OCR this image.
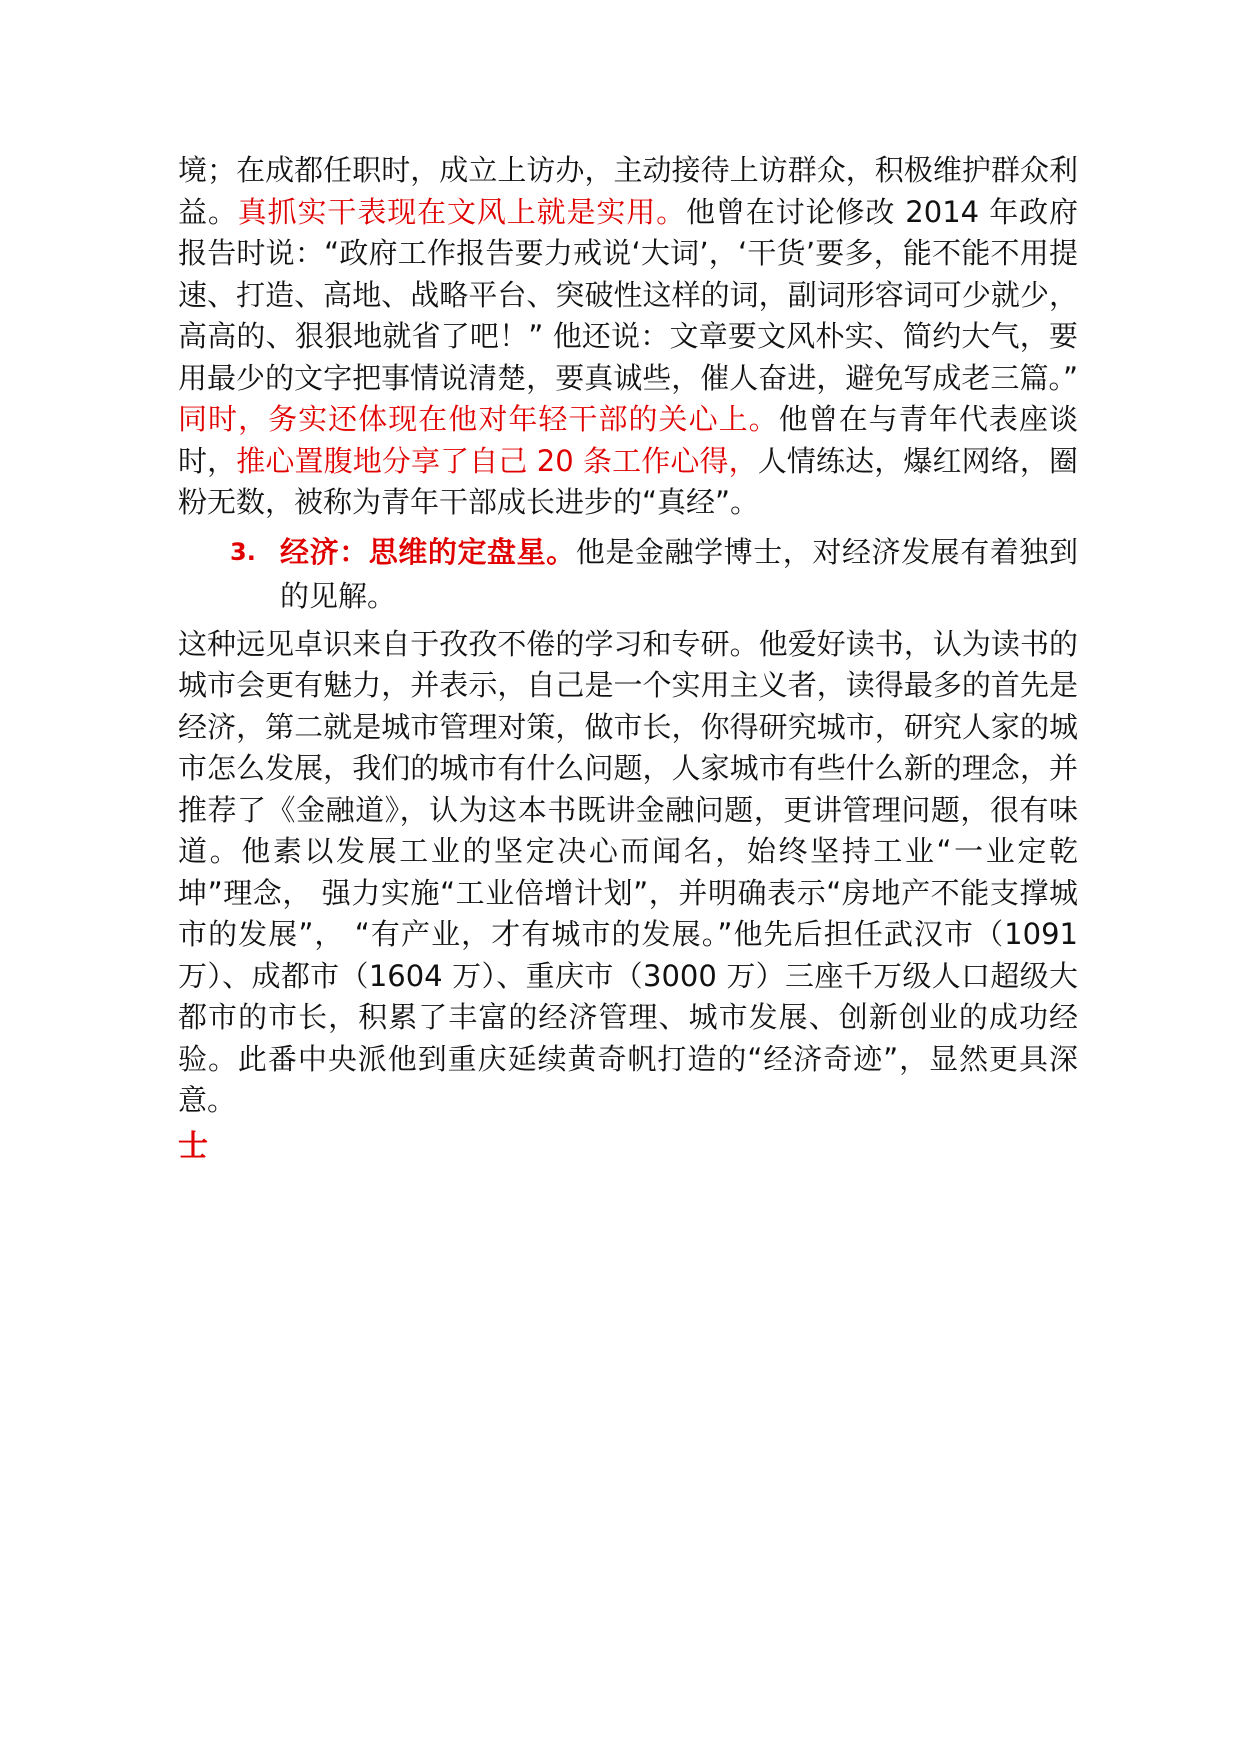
境；在成都任职时，成立上访办，主动接待上访群众，积极维护群众利益。真抓实干表现在文风上就是实用。他曾在讨论修改 2014 年政府报告时说：“政府工作报告要力戒说‘大词’，‘干货’要多，能不能不用提速、打造、高地、战略平台、突破性这样的词，副词形容词可少就少，高高的、狠狠地就省了吧！” 他还说：文章要文风朴实、简约大气，要用最少的文字把事情说清楚，要真诚些，催人奋进，避免写成老三篇。” 同时，务实还体现在他对年轻干部的关心上。他曾在与青年代表座谈时，推心置腹地分享了自己 20 条工作心得，人情练达，爆红网络，圈粉无数，被称为青年干部成长进步的“真经”。

3. 经济：思维的定盘星。他是金融学博士，对经济发展有着独到的见解。

这种远见卓识来自于孜孜不倦的学习和专研。他爱好读书，认为读书的城市会更有魅力，并表示，自己是一个实用主义者，读得最多的首先是经济，第二就是城市管理对策，做市长，你得研究城市，研究人家的城市怎么发展，我们的城市有什么问题，人家城市有些什么新的理念，并推荐了《金融道》，认为这本书既讲金融问题，更讲管理问题，很有味道。他素以发展工业的坚定决心而闻名，始终坚持工业“一业定乾坤”理念， 强力实施“工业倍增计划”，并明确表示“房地产不能支撑城市的发展”， “有产业，才有城市的发展。”他先后担任武汉市（1091 万）、成都市（1604 万）、重庆市（3000 万）三座千万级人口超级大都市的市长，积累了丰富的经济管理、城市发展、创新创业的成功经验。此番中央派他到重庆延续黄奇帆打造的“经济奇迹”，显然更具深意。

士
